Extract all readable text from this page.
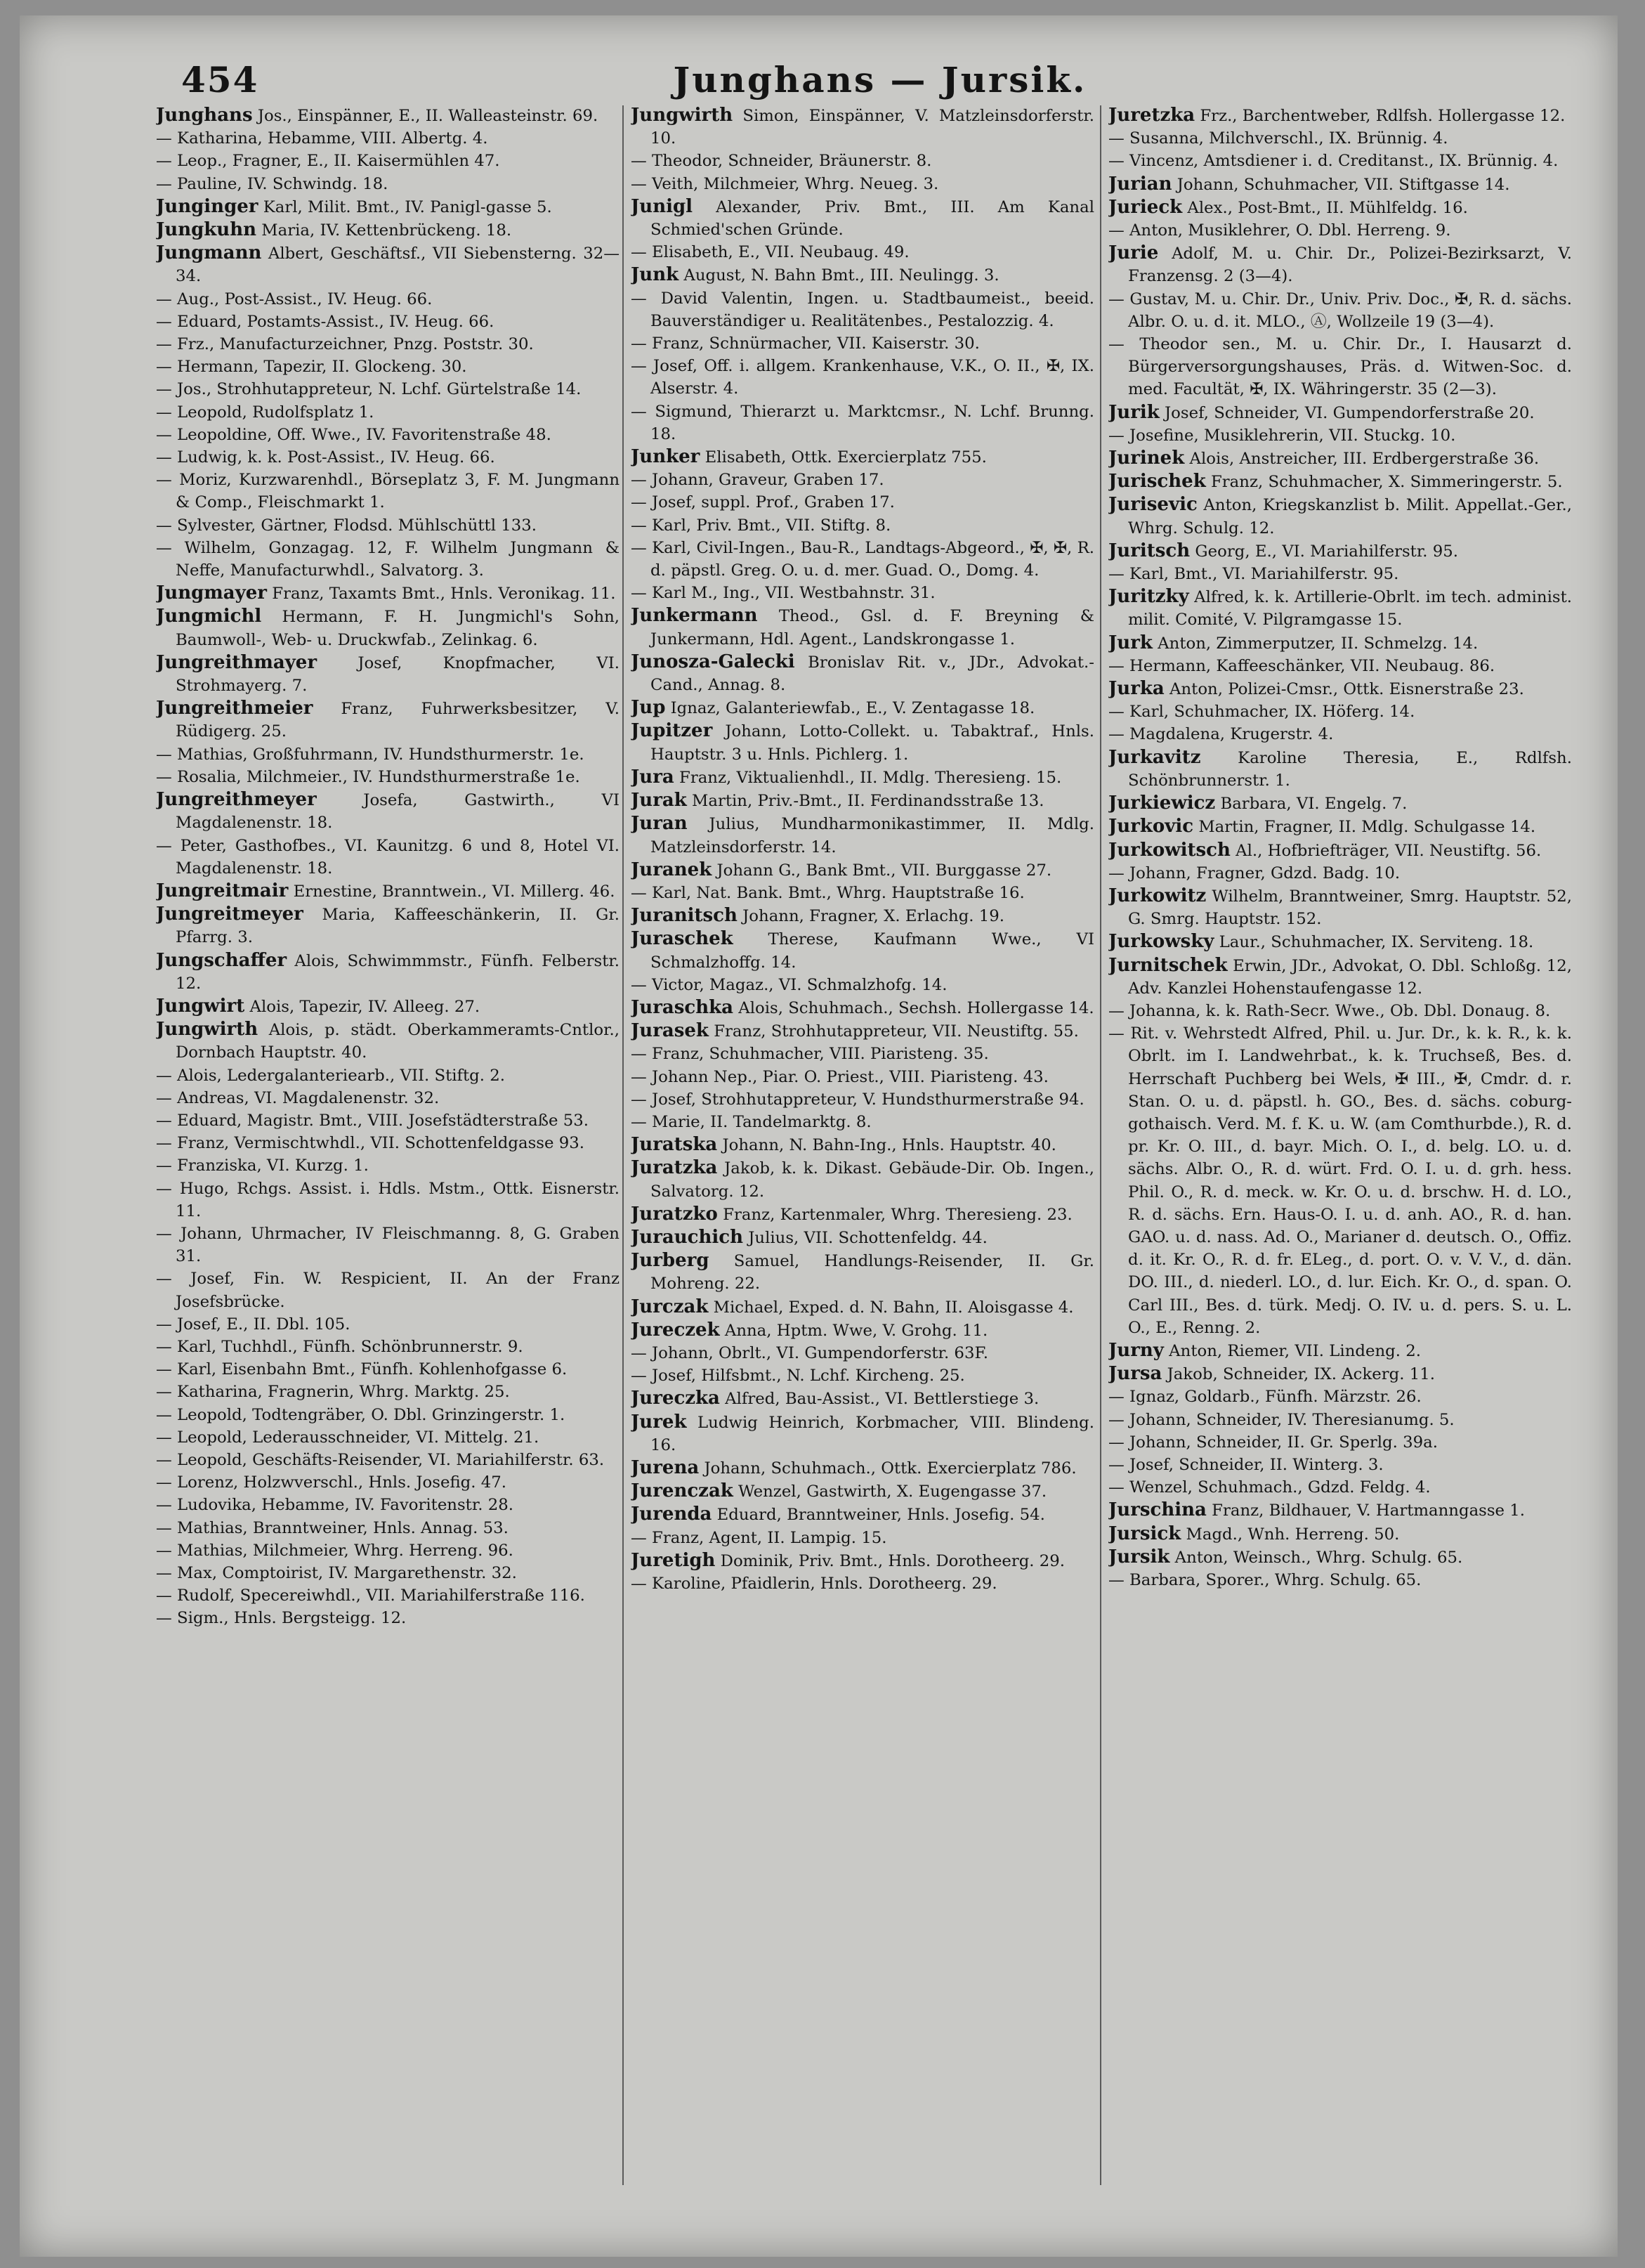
454	Junghans — Jursik.

Junghans Jos., Einspänner, E., II. Walleasteinstr. 69.

— Katharina, Hebamme, VIII. Albertg. 4.

— Leop., Fragner, E., II. Kaisermühlen 47.

— Pauline, IV. Schwindg. 18.

Junginger Karl, Milit. Bmt., IV. Panigl-gasse 5.

Jungkuhn Maria, IV. Kettenbrückeng. 18.

Jungmann Albert, Geschäftsf., VII Siebensterng. 32—34.

— Aug., Post-Assist., IV. Heug. 66.

— Eduard, Postamts-Assist., IV. Heug. 66.

— Frz., Manufacturzeichner, Pnzg. Poststr. 30.

— Hermann, Tapezir, II. Glockeng. 30.

— Jos., Strohhutappreteur, N. Lchf. Gürtelstraße 14.

— Leopold, Rudolfsplatz 1.

— Leopoldine, Off. Wwe., IV. Favoritenstraße 48.

— Ludwig, k. k. Post-Assist., IV. Heug. 66.

— Moriz, Kurzwarenhdl., Börseplatz 3, F. M. Jungmann & Comp., Fleischmarkt 1.

— Sylvester, Gärtner, Flodsd. Mühlschüttl 133.

— Wilhelm, Gonzagag. 12, F. Wilhelm Jungmann & Neffe, Manufacturwhdl., Salvatorg. 3.

Jungmayer Franz, Taxamts Bmt., Hnls. Veronikag. 11.

Jungmichl Hermann, F. H. Jungmichl's Sohn, Baumwoll-, Web- u. Druckwfab., Zelinkag. 6.

Jungreithmayer Josef, Knopfmacher, VI. Strohmayerg. 7.

Jungreithmeier Franz, Fuhrwerksbesitzer, V. Rüdigerg. 25.

— Mathias, Großfuhrmann, IV. Hundsthurmerstr. 1e.

— Rosalia, Milchmeier., IV. Hundsthurmerstraße 1e.

Jungreithmeyer Josefa, Gastwirth., VI Magdalenenstr. 18.

— Peter, Gasthofbes., VI. Kaunitzg. 6 und 8, Hotel VI. Magdalenenstr. 18.

Jungreitmair Ernestine, Branntwein., VI. Millerg. 46.

Jungreitmeyer Maria, Kaffeeschänkerin, II. Gr. Pfarrg. 3.

Jungschaffer Alois, Schwimmmstr., Fünfh. Felberstr. 12.

Jungwirt Alois, Tapezir, IV. Alleeg. 27.

Jungwirth Alois, p. städt. Oberkammeramts-Cntlor., Dornbach Hauptstr. 40.

— Alois, Ledergalanteriearb., VII. Stiftg. 2.

— Andreas, VI. Magdalenenstr. 32.

— Eduard, Magistr. Bmt., VIII. Josefstädterstraße 53.

— Franz, Vermischtwhdl., VII. Schottenfeldgasse 93.

— Franziska, VI. Kurzg. 1.

— Hugo, Rchgs. Assist. i. Hdls. Mstm., Ottk. Eisnerstr. 11.

— Johann, Uhrmacher, IV Fleischmanng. 8, G. Graben 31.

— Josef, Fin. W. Respicient, II. An der Franz Josefsbrücke.

— Josef, E., II. Dbl. 105.

— Karl, Tuchhdl., Fünfh. Schönbrunnerstr. 9.

— Karl, Eisenbahn Bmt., Fünfh. Kohlenhofgasse 6.

— Katharina, Fragnerin, Whrg. Marktg. 25.

— Leopold, Todtengräber, O. Dbl. Grinzingerstr. 1.

— Leopold, Lederausschneider, VI. Mittelg. 21.

— Leopold, Geschäfts-Reisender, VI. Mariahilferstr. 63.

— Lorenz, Holzwverschl., Hnls. Josefig. 47.

— Ludovika, Hebamme, IV. Favoritenstr. 28.

— Mathias, Branntweiner, Hnls. Annag. 53.

— Mathias, Milchmeier, Whrg. Herreng. 96.

— Max, Comptoirist, IV. Margarethenstr. 32.

— Rudolf, Specereiwhdl., VII. Mariahilferstraße 116.

— Sigm., Hnls. Bergsteigg. 12.

Jungwirth Simon, Einspänner, V. Matzleinsdorferstr. 10.

— Theodor, Schneider, Bräunerstr. 8.

— Veith, Milchmeier, Whrg. Neueg. 3.

Junigl Alexander, Priv. Bmt., III. Am Kanal Schmied'schen Gründe.

— Elisabeth, E., VII. Neubaug. 49.

Junk August, N. Bahn Bmt., III. Neulingg. 3.

— David Valentin, Ingen. u. Stadtbaumeist., beeid. Bauverständiger u. Realitätenbes., Pestalozzig. 4.

— Franz, Schnürmacher, VII. Kaiserstr. 30.

— Josef, Off. i. allgem. Krankenhause, V.K., O. II., ✠, IX. Alserstr. 4.

— Sigmund, Thierarzt u. Marktcmsr., N. Lchf. Brunng. 18.

Junker Elisabeth, Ottk. Exercierplatz 755.

— Johann, Graveur, Graben 17.

— Josef, suppl. Prof., Graben 17.

— Karl, Priv. Bmt., VII. Stiftg. 8.

— Karl, Civil-Ingen., Bau-R., Landtags-Abgeord., ✠, ✠, R. d. päpstl. Greg. O. u. d. mer. Guad. O., Domg. 4.

— Karl M., Ing., VII. Westbahnstr. 31.

Junkermann Theod., Gsl. d. F. Breyning & Junkermann, Hdl. Agent., Landskrongasse 1.

Junosza-Galecki Bronislav Rit. v., JDr., Advokat.-Cand., Annag. 8.

Jup Ignaz, Galanteriewfab., E., V. Zentagasse 18.

Jupitzer Johann, Lotto-Collekt. u. Tabaktraf., Hnls. Hauptstr. 3 u. Hnls. Pichlerg. 1.

Jura Franz, Viktualienhdl., II. Mdlg. Theresieng. 15.

Jurak Martin, Priv.-Bmt., II. Ferdinandsstraße 13.

Juran Julius, Mundharmonikastimmer, II. Mdlg. Matzleinsdorferstr. 14.

Juranek Johann G., Bank Bmt., VII. Burggasse 27.

— Karl, Nat. Bank. Bmt., Whrg. Hauptstraße 16.

Juranitsch Johann, Fragner, X. Erlachg. 19.

Juraschek Therese, Kaufmann Wwe., VI Schmalzhoffg. 14.

— Victor, Magaz., VI. Schmalzhofg. 14.

Juraschka Alois, Schuhmach., Sechsh. Hollergasse 14.

Jurasek Franz, Strohhutappreteur, VII. Neustiftg. 55.

— Franz, Schuhmacher, VIII. Piaristeng. 35.

— Johann Nep., Piar. O. Priest., VIII. Piaristeng. 43.

— Josef, Strohhutappreteur, V. Hundsthurmerstraße 94.

— Marie, II. Tandelmarktg. 8.

Juratska Johann, N. Bahn-Ing., Hnls. Hauptstr. 40.

Juratzka Jakob, k. k. Dikast. Gebäude-Dir. Ob. Ingen., Salvatorg. 12.

Juratzko Franz, Kartenmaler, Whrg. Theresieng. 23.

Jurauchich Julius, VII. Schottenfeldg. 44.

Jurberg Samuel, Handlungs-Reisender, II. Gr. Mohreng. 22.

Jurczak Michael, Exped. d. N. Bahn, II. Aloisgasse 4.

Jureczek Anna, Hptm. Wwe, V. Grohg. 11.

— Johann, Obrlt., VI. Gumpendorferstr. 63F.

— Josef, Hilfsbmt., N. Lchf. Kircheng. 25.

Jureczka Alfred, Bau-Assist., VI. Bettlerstiege 3.

Jurek Ludwig Heinrich, Korbmacher, VIII. Blindeng. 16.

Jurena Johann, Schuhmach., Ottk. Exercierplatz 786.

Jurenczak Wenzel, Gastwirth, X. Eugengasse 37.

Jurenda Eduard, Branntweiner, Hnls. Josefig. 54.

— Franz, Agent, II. Lampig. 15.

Juretigh Dominik, Priv. Bmt., Hnls. Dorotheerg. 29.

— Karoline, Pfaidlerin, Hnls. Dorotheerg. 29.

Juretzka Frz., Barchentweber, Rdlfsh. Hollergasse 12.

— Susanna, Milchverschl., IX. Brünnig. 4.

— Vincenz, Amtsdiener i. d. Creditanst., IX. Brünnig. 4.

Jurian Johann, Schuhmacher, VII. Stiftgasse 14.

Jurieck Alex., Post-Bmt., II. Mühlfeldg. 16.

— Anton, Musiklehrer, O. Dbl. Herreng. 9.

Jurie Adolf, M. u. Chir. Dr., Polizei-Bezirksarzt, V. Franzensg. 2 (3—4).

— Gustav, M. u. Chir. Dr., Univ. Priv. Doc., ✠, R. d. sächs. Albr. O. u. d. it. MLO., Ⓐ, Wollzeile 19 (3—4).

— Theodor sen., M. u. Chir. Dr., I. Hausarzt d. Bürgerversorgungshauses, Präs. d. Witwen-Soc. d. med. Facultät, ✠, IX. Währingerstr. 35 (2—3).

Jurik Josef, Schneider, VI. Gumpendorferstraße 20.

— Josefine, Musiklehrerin, VII. Stuckg. 10.

Jurinek Alois, Anstreicher, III. Erdbergerstraße 36.

Jurischek Franz, Schuhmacher, X. Simmeringerstr. 5.

Jurisevic Anton, Kriegskanzlist b. Milit. Appellat.-Ger., Whrg. Schulg. 12.

Juritsch Georg, E., VI. Mariahilferstr. 95.

— Karl, Bmt., VI. Mariahilferstr. 95.

Juritzky Alfred, k. k. Artillerie-Obrlt. im tech. administ. milit. Comité, V. Pilgramgasse 15.

Jurk Anton, Zimmerputzer, II. Schmelzg. 14.

— Hermann, Kaffeeschänker, VII. Neubaug. 86.

Jurka Anton, Polizei-Cmsr., Ottk. Eisnerstraße 23.

— Karl, Schuhmacher, IX. Höferg. 14.

— Magdalena, Krugerstr. 4.

Jurkavitz Karoline Theresia, E., Rdlfsh. Schönbrunnerstr. 1.

Jurkiewicz Barbara, VI. Engelg. 7.

Jurkovic Martin, Fragner, II. Mdlg. Schulgasse 14.

Jurkowitsch Al., Hofbriefträger, VII. Neustiftg. 56.

— Johann, Fragner, Gdzd. Badg. 10.

Jurkowitz Wilhelm, Branntweiner, Smrg. Hauptstr. 52, G. Smrg. Hauptstr. 152.

Jurkowsky Laur., Schuhmacher, IX. Serviteng. 18.

Jurnitschek Erwin, JDr., Advokat, O. Dbl. Schloßg. 12, Adv. Kanzlei Hohenstaufengasse 12.

— Johanna, k. k. Rath-Secr. Wwe., Ob. Dbl. Donaug. 8.

— Rit. v. Wehrstedt Alfred, Phil. u. Jur. Dr., k. k. R., k. k. Obrlt. im I. Landwehrbat., k. k. Truchseß, Bes. d. Herrschaft Puchberg bei Wels, ✠ III., ✠, Cmdr. d. r. Stan. O. u. d. päpstl. h. GO., Bes. d. sächs. coburg-gothaisch. Verd. M. f. K. u. W. (am Comthurbde.), R. d. pr. Kr. O. III., d. bayr. Mich. O. I., d. belg. LO. u. d. sächs. Albr. O., R. d. würt. Frd. O. I. u. d. grh. hess. Phil. O., R. d. meck. w. Kr. O. u. d. brschw. H. d. LO., R. d. sächs. Ern. Haus-O. I. u. d. anh. AO., R. d. han. GAO. u. d. nass. Ad. O., Marianer d. deutsch. O., Offiz. d. it. Kr. O., R. d. fr. ELeg., d. port. O. v. V. V., d. dän. DO. III., d. niederl. LO., d. lur. Eich. Kr. O., d. span. O. Carl III., Bes. d. türk. Medj. O. IV. u. d. pers. S. u. L. O., E., Renng. 2.

Jurny Anton, Riemer, VII. Lindeng. 2.

Jursa Jakob, Schneider, IX. Ackerg. 11.

— Ignaz, Goldarb., Fünfh. Märzstr. 26.

— Johann, Schneider, IV. Theresianumg. 5.

— Johann, Schneider, II. Gr. Sperlg. 39a.

— Josef, Schneider, II. Winterg. 3.

— Wenzel, Schuhmach., Gdzd. Feldg. 4.

Jurschina Franz, Bildhauer, V. Hartmanngasse 1.

Jursick Magd., Wnh. Herreng. 50.

Jursik Anton, Weinsch., Whrg. Schulg. 65.

— Barbara, Sporer., Whrg. Schulg. 65.
